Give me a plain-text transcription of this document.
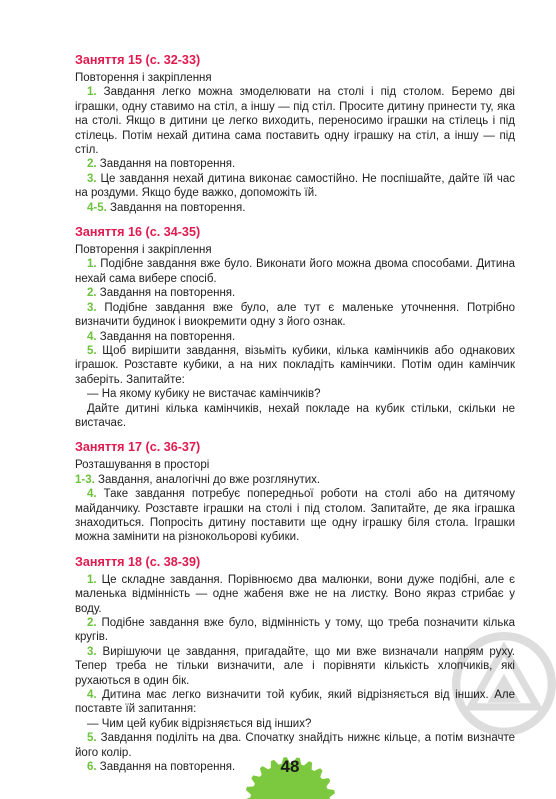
Заняття 15 (с. 32-33)
Повторення і закріплення

1. Завдання легко можна змоделювати на столі і під столом. Беремо дві іграшки, одну ставимо на стіл, а іншу — під стіл. Просите дитину принести ту, яка на столі. Якщо в дитини це легко виходить, переносимо іграшки на стілець і під стілець. Потім нехай дитина сама поставить одну іграшку на стіл, а іншу — під стіл.

2. Завдання на повторення.

3. Це завдання нехай дитина виконає самостійно. Не поспішайте, дайте їй час на роздуми. Якщо буде важко, допоможіть їй.

4-5. Завдання на повторення.

Заняття 16 (с. 34-35)
Повторення і закріплення

1. Подібне завдання вже було. Виконати його можна двома способами. Дитина нехай сама вибере спосіб.

2. Завдання на повторення.

3. Подібне завдання вже було, але тут є маленьке уточнення. Потрібно визначити будинок і виокремити одну з його ознак.

4. Завдання на повторення.

5. Щоб вирішити завдання, візьміть кубики, кілька камінчиків або однакових іграшок. Розставте кубики, а на них покладіть камінчики. Потім один камінчик заберіть. Запитайте:

— На якому кубику не вистачає камінчиків?

Дайте дитині кілька камінчиків, нехай покладе на кубик стільки, скільки не вистачає.

Заняття 17 (с. 36-37)
Розташування в просторі

1-3. Завдання, аналогічні до вже розглянутих.

4. Таке завдання потребує попередньої роботи на столі або на дитячому майданчику. Розставте іграшки на столі і під столом. Запитайте, де яка іграшка знаходиться. Попросіть дитину поставити ще одну іграшку біля стола. Іграшки можна замінити на різнокольорові кубики.

Заняття 18 (с. 38-39)

1. Це складне завдання. Порівнюємо два малюнки, вони дуже подібні, але є маленька відмінність — одне жабеня вже не на листку. Воно якраз стрибає у воду.

2. Подібне завдання вже було, відмінність у тому, що треба позначити кілька кругів.

3. Вирішуючи це завдання, пригадайте, що ми вже визначали напрям руху. Тепер треба не тільки визначити, але і порівняти кількість хлопчиків, які рухаються в один бік.

4. Дитина має легко визначити той кубик, який відрізняється від інших. Але поставте їй запитання:

— Чим цей кубик відрізняється від інших?

5. Завдання поділіть на два. Спочатку знайдіть нижнє кільце, а потім визначте його колір.

6. Завдання на повторення.	48
